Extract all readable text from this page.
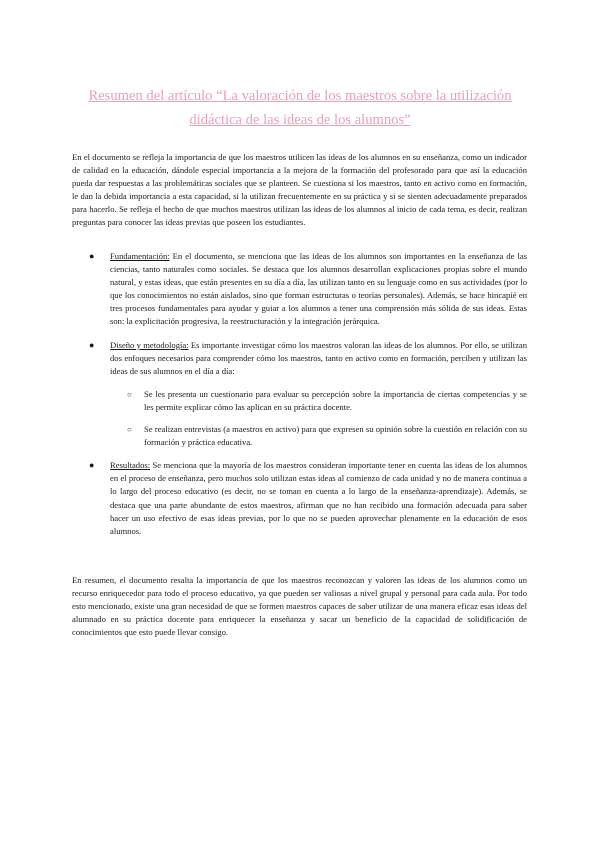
Resumen del artículo “La valoración de los maestros sobre la utilización didáctica de las ideas de los alumnos”

En el documento se refleja la importancia de que los maestros utilicen las ideas de los alumnos en su enseñanza, como un indicador de calidad en la educación, dándole especial importancia a la mejora de la formación del profesorado para que así la educación pueda dar respuestas a las problemáticas sociales que se planteen. Se cuestiona si los maestros, tanto en activo como en formación, le dan la debida importancia a esta capacidad, si la utilizan frecuentemente en su práctica y si se sienten adecuadamente preparados para hacerlo. Se refleja el hecho de que muchos maestros utilizan las ideas de los alumnos al inicio de cada tema, es decir, realizan preguntas para conocer las ideas previas que poseen los estudiantes.

● Fundamentación: En el documento, se menciona que las ideas de los alumnos son importantes en la enseñanza de las ciencias, tanto naturales como sociales. Se destaca que los alumnos desarrollan explicaciones propias sobre el mundo natural, y estas ideas, que están presentes en su día a día, las utilizan tanto en su lenguaje como en sus actividades (por lo que los conocimientos no están aislados, sino que forman estructuras o teorías personales). Además, se hace hincapié en tres procesos fundamentales para ayudar y guiar a los alumnos a tener una comprensión más sólida de sus ideas. Estas son: la explicitación progresiva, la reestructuración y la integración jerárquica.
● Diseño y metodología: Es importante investigar cómo los maestros valoran las ideas de los alumnos. Por ello, se utilizan dos enfoques necesarios para comprender cómo los maestros, tanto en activo como en formación, perciben y utilizan las ideas de sus alumnos en el día a día:
○ Se les presenta un cuestionario para evaluar su percepción sobre la importancia de ciertas competencias y se les permite explicar cómo las aplican en su práctica docente.
○ Se realizan entrevistas (a maestros en activo) para que expresen su opinión sobre la cuestión en relación con su formación y práctica educativa.
● Resultados: Se menciona que la mayoría de los maestros consideran importante tener en cuenta las ideas de los alumnos en el proceso de enseñanza, pero muchos solo utilizan estas ideas al comienzo de cada unidad y no de manera continua a lo largo del proceso educativo (es decir, no se toman en cuenta a lo largo de la enseñanza-aprendizaje). Además, se destaca que una parte abundante de estos maestros, afirman que no han recibido una formación adecuada para saber hacer un uso efectivo de esas ideas previas, por lo que no se pueden aprovechar plenamente en la educación de esos alumnos.

En resumen, el documento resalta la importancia de que los maestros reconozcan y valoren las ideas de los alumnos como un recurso enriquecedor para todo el proceso educativo, ya que pueden ser valiosas a nivel grupal y personal para cada aula. Por todo esto mencionado, existe una gran necesidad de que se formen maestros capaces de saber utilizar de una manera eficaz esas ideas del alumnado en su práctica docente para enriquecer la enseñanza y sacar un beneficio de la capacidad de solidificación de conocimientos que esto puede llevar consigo.
